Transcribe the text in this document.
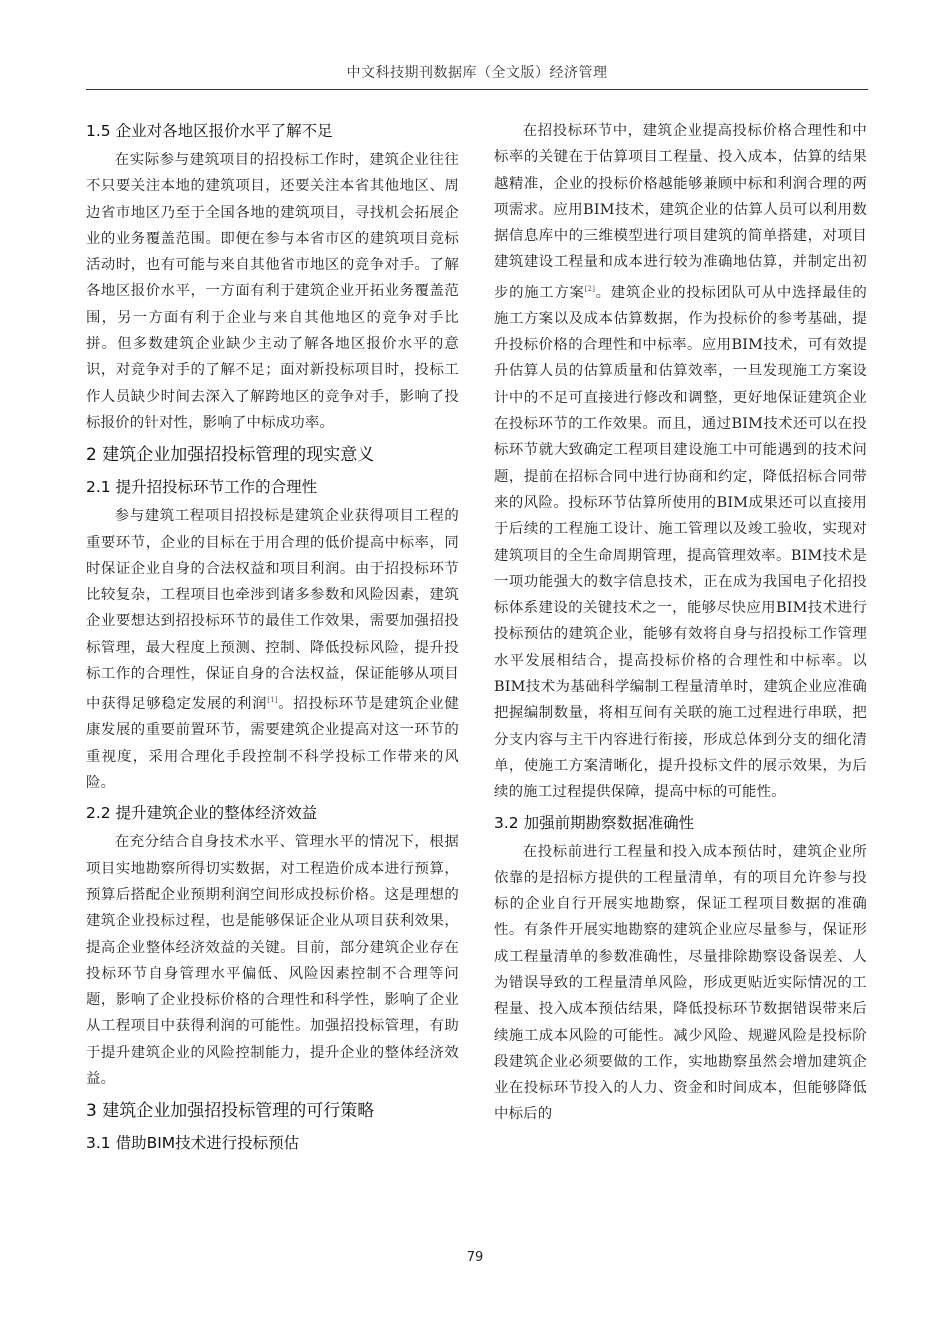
中文科技期刊数据库（全文版）经济管理
1.5 企业对各地区报价水平了解不足

在实际参与建筑项目的招投标工作时，建筑企业往往不只要关注本地的建筑项目，还要关注本省其他地区、周边省市地区乃至于全国各地的建筑项目，寻找机会拓展企业的业务覆盖范围。即便在参与本省市区的建筑项目竞标活动时，也有可能与来自其他省市地区的竞争对手。了解各地区报价水平，一方面有利于建筑企业开拓业务覆盖范围，另一方面有利于企业与来自其他地区的竞争对手比拼。但多数建筑企业缺少主动了解各地区报价水平的意识，对竞争对手的了解不足；面对新投标项目时，投标工作人员缺少时间去深入了解跨地区的竞争对手，影响了投标报价的针对性，影响了中标成功率。

2 建筑企业加强招投标管理的现实意义
2.1 提升招投标环节工作的合理性

参与建筑工程项目招投标是建筑企业获得项目工程的重要环节，企业的目标在于用合理的低价提高中标率，同时保证企业自身的合法权益和项目利润。由于招投标环节比较复杂，工程项目也牵涉到诸多参数和风险因素，建筑企业要想达到招投标环节的最佳工作效果，需要加强招投标管理，最大程度上预测、控制、降低投标风险，提升投标工作的合理性，保证自身的合法权益，保证能够从项目中获得足够稳定发展的利润[1]。招投标环节是建筑企业健康发展的重要前置环节，需要建筑企业提高对这一环节的重视度，采用合理化手段控制不科学投标工作带来的风险。

2.2 提升建筑企业的整体经济效益

在充分结合自身技术水平、管理水平的情况下，根据项目实地勘察所得切实数据，对工程造价成本进行预算，预算后搭配企业预期利润空间形成投标价格。这是理想的建筑企业投标过程，也是能够保证企业从项目获利效果，提高企业整体经济效益的关键。目前，部分建筑企业存在投标环节自身管理水平偏低、风险因素控制不合理等问题，影响了企业投标价格的合理性和科学性，影响了企业从工程项目中获得利润的可能性。加强招投标管理，有助于提升建筑企业的风险控制能力，提升企业的整体经济效益。

3 建筑企业加强招投标管理的可行策略
3.1 借助BIM技术进行投标预估

在招投标环节中，建筑企业提高投标价格合理性和中标率的关键在于估算项目工程量、投入成本，估算的结果越精准，企业的投标价格越能够兼顾中标和利润合理的两项需求。应用BIM技术，建筑企业的估算人员可以利用数据信息库中的三维模型进行项目建筑的简单搭建，对项目建筑建设工程量和成本进行较为准确地估算，并制定出初步的施工方案[2]。建筑企业的投标团队可从中选择最佳的施工方案以及成本估算数据，作为投标价的参考基础，提升投标价格的合理性和中标率。应用BIM技术，可有效提升估算人员的估算质量和估算效率，一旦发现施工方案设计中的不足可直接进行修改和调整，更好地保证建筑企业在投标环节的工作效果。而且，通过BIM技术还可以在投标环节就大致确定工程项目建设施工中可能遇到的技术问题，提前在招标合同中进行协商和约定，降低招标合同带来的风险。投标环节估算所使用的BIM成果还可以直接用于后续的工程施工设计、施工管理以及竣工验收，实现对建筑项目的全生命周期管理，提高管理效率。BIM技术是一项功能强大的数字信息技术，正在成为我国电子化招投标体系建设的关键技术之一，能够尽快应用BIM技术进行投标预估的建筑企业，能够有效将自身与招投标工作管理水平发展相结合，提高投标价格的合理性和中标率。以BIM技术为基础科学编制工程量清单时，建筑企业应准确把握编制数量，将相互间有关联的施工过程进行串联，把分支内容与主干内容进行衔接，形成总体到分支的细化清单，使施工方案清晰化，提升投标文件的展示效果，为后续的施工过程提供保障，提高中标的可能性。

3.2 加强前期勘察数据准确性

在投标前进行工程量和投入成本预估时，建筑企业所依靠的是招标方提供的工程量清单，有的项目允许参与投标的企业自行开展实地勘察，保证工程项目数据的准确性。有条件开展实地勘察的建筑企业应尽量参与，保证形成工程量清单的参数准确性，尽量排除勘察设备误差、人为错误导致的工程量清单风险，形成更贴近实际情况的工程量、投入成本预估结果，降低投标环节数据错误带来后续施工成本风险的可能性。减少风险、规避风险是投标阶段建筑企业必须要做的工作，实地勘察虽然会增加建筑企业在投标环节投入的人力、资金和时间成本，但能够降低中标后的

79
